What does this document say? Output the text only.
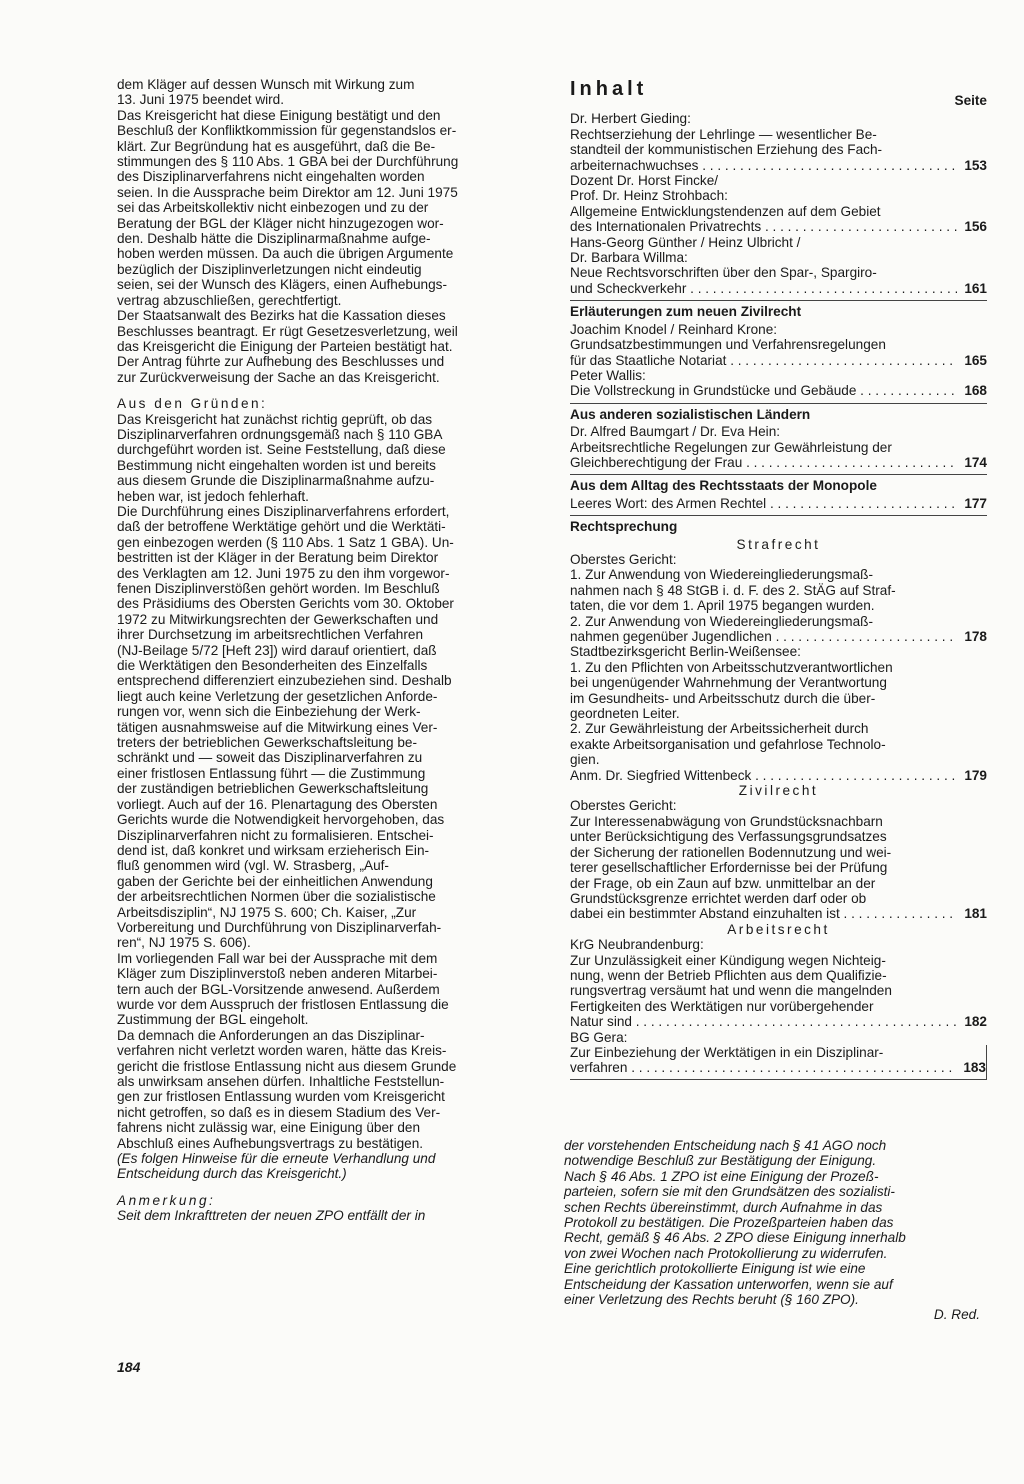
dem Kläger auf dessen Wunsch mit Wirkung zum
13. Juni 1975 beendet wird.
Das Kreisgericht hat diese Einigung bestätigt und den
Beschluß der Konfliktkommission für gegenstandslos er-
klärt. Zur Begründung hat es ausgeführt, daß die Be-
stimmungen des § 110 Abs. 1 GBA bei der Durchführung
des Disziplinarverfahrens nicht eingehalten worden
seien. In die Aussprache beim Direktor am 12. Juni 1975
sei das Arbeitskollektiv nicht einbezogen und zu der
Beratung der BGL der Kläger nicht hinzugezogen wor-
den. Deshalb hätte die Disziplinarmaßnahme aufge-
hoben werden müssen. Da auch die übrigen Argumente
bezüglich der Disziplinverletzungen nicht eindeutig
seien, sei der Wunsch des Klägers, einen Aufhebungs-
vertrag abzuschließen, gerechtfertigt.
Der Staatsanwalt des Bezirks hat die Kassation dieses
Beschlusses beantragt. Er rügt Gesetzesverletzung, weil
das Kreisgericht die Einigung der Parteien bestätigt hat.
Der Antrag führte zur Aufhebung des Beschlusses und
zur Zurückverweisung der Sache an das Kreisgericht.
Aus den Gründen:
Das Kreisgericht hat zunächst richtig geprüft, ob das
Disziplinarverfahren ordnungsgemäß nach § 110 GBA
durchgeführt worden ist. Seine Feststellung, daß diese
Bestimmung nicht eingehalten worden ist und bereits
aus diesem Grunde die Disziplinarmaßnahme aufzu-
heben war, ist jedoch fehlerhaft.
Die Durchführung eines Disziplinarverfahrens erfordert,
daß der betroffene Werktätige gehört und die Werktäti-
gen einbezogen werden (§ 110 Abs. 1 Satz 1 GBA). Un-
bestritten ist der Kläger in der Beratung beim Direktor
des Verklagten am 12. Juni 1975 zu den ihm vorgewor-
fenen Disziplinverstößen gehört worden. Im Beschluß
des Präsidiums des Obersten Gerichts vom 30. Oktober
1972 zu Mitwirkungsrechten der Gewerkschaften und
ihrer Durchsetzung im arbeitsrechtlichen Verfahren
(NJ-Beilage 5/72 [Heft 23]) wird darauf orientiert, daß
die Werktätigen den Besonderheiten des Einzelfalls
entsprechend differenziert einzubeziehen sind. Deshalb
liegt auch keine Verletzung der gesetzlichen Anforde-
rungen vor, wenn sich die Einbeziehung der Werk-
tätigen ausnahmsweise auf die Mitwirkung eines Ver-
treters der betrieblichen Gewerkschaftsleitung be-
schränkt und — soweit das Disziplinarverfahren zu
einer fristlosen Entlassung führt — die Zustimmung
der zuständigen betrieblichen Gewerkschaftsleitung
vorliegt. Auch auf der 16. Plenartagung des Obersten
Gerichts wurde die Notwendigkeit hervorgehoben, das
Disziplinarverfahren nicht zu formalisieren. Entschei-
dend ist, daß konkret und wirksam erzieherisch Ein-
fluß genommen wird (vgl. W. Strasberg, „Auf-
gaben der Gerichte bei der einheitlichen Anwendung
der arbeitsrechtlichen Normen über die sozialistische
Arbeitsdisziplin“, NJ 1975 S. 600; Ch. Kaiser, „Zur
Vorbereitung und Durchführung von Disziplinarverfah-
ren“, NJ 1975 S. 606).
Im vorliegenden Fall war bei der Aussprache mit dem
Kläger zum Disziplinverstoß neben anderen Mitarbei-
tern auch der BGL-Vorsitzende anwesend. Außerdem
wurde vor dem Ausspruch der fristlosen Entlassung die
Zustimmung der BGL eingeholt.
Da demnach die Anforderungen an das Disziplinar-
verfahren nicht verletzt worden waren, hätte das Kreis-
gericht die fristlose Entlassung nicht aus diesem Grunde
als unwirksam ansehen dürfen. Inhaltliche Feststellun-
gen zur fristlosen Entlassung wurden vom Kreisgericht
nicht getroffen, so daß es in diesem Stadium des Ver-
fahrens nicht zulässig war, eine Einigung über den
Abschluß eines Aufhebungsvertrags zu bestätigen.
(Es folgen Hinweise für die erneute Verhandlung und
Entscheidung durch das Kreisgericht.)
Anmerkung:
Seit dem Inkrafttreten der neuen ZPO entfällt der in
184
Inhalt
Seite
Dr. Herbert Gieding:
Rechtserziehung der Lehrlinge — wesentlicher Be-
standteil der kommunistischen Erziehung des Fach-
arbeiternachwuchses . . .	153
Dozent Dr. Horst Fincke/
Prof. Dr. Heinz Strohbach:
Allgemeine Entwicklungstendenzen auf dem Gebiet
des Internationalen Privatrechts . . .	156
Hans-Georg Günther / Heinz Ulbricht /
Dr. Barbara Willma:
Neue Rechtsvorschriften über den Spar-, Spargiro-
und Scheckverkehr . . .	161
Erläuterungen zum neuen Zivilrecht
Joachim Knodel / Reinhard Krone:
Grundsatzbestimmungen und Verfahrensregelungen
für das Staatliche Notariat . . .	165
Peter Wallis:
Die Vollstreckung in Grundstücke und Gebäude . . .	168
Aus anderen sozialistischen Ländern
Dr. Alfred Baumgart / Dr. Eva Hein:
Arbeitsrechtliche Regelungen zur Gewährleistung der
Gleichberechtigung der Frau . . .	174
Aus dem Alltag des Rechtsstaats der Monopole
Leeres Wort: des Armen Rechtel . . .	177
Rechtsprechung
Strafrecht
Oberstes Gericht:
1. Zur Anwendung von Wiedereingliederungsmaß-
nahmen nach § 48 StGB i. d. F. des 2. StÄG auf Straf-
taten, die vor dem 1. April 1975 begangen wurden.
2. Zur Anwendung von Wiedereingliederungsmaß-
nahmen gegenüber Jugendlichen . . .	178
Stadtbezirksgericht Berlin-Weißensee:
1. Zu den Pflichten von Arbeitsschutzverantwortlichen
bei ungenügender Wahrnehmung der Verantwortung
im Gesundheits- und Arbeitsschutz durch die über-
geordneten Leiter.
2. Zur Gewährleistung der Arbeitssicherheit durch
exakte Arbeitsorganisation und gefahrlose Technolo-
gien.
Anm. Dr. Siegfried Wittenbeck . . .	179
Zivilrecht
Oberstes Gericht:
Zur Interessenabwägung von Grundstücksnachbarn
unter Berücksichtigung des Verfassungsgrundsatzes
der Sicherung der rationellen Bodennutzung und wei-
terer gesellschaftlicher Erfordernisse bei der Prüfung
der Frage, ob ein Zaun auf bzw. unmittelbar an der
Grundstücksgrenze errichtet werden darf oder ob
dabei ein bestimmter Abstand einzuhalten ist . . .	181
Arbeitsrecht
KrG Neubrandenburg:
Zur Unzulässigkeit einer Kündigung wegen Nichteig-
nung, wenn der Betrieb Pflichten aus dem Qualifizie-
rungsvertrag versäumt hat und wenn die mangelnden
Fertigkeiten des Werktätigen nur vorübergehender
Natur sind . . .	182
BG Gera:
Zur Einbeziehung der Werktätigen in ein Disziplinar-
verfahren . . .	183
der vorstehenden Entscheidung nach § 41 AGO noch
notwendige Beschluß zur Bestätigung der Einigung.
Nach § 46 Abs. 1 ZPO ist eine Einigung der Prozeß-
parteien, sofern sie mit den Grundsätzen des sozialisti-
schen Rechts übereinstimmt, durch Aufnahme in das
Protokoll zu bestätigen. Die Prozeßparteien haben das
Recht, gemäß § 46 Abs. 2 ZPO diese Einigung innerhalb
von zwei Wochen nach Protokollierung zu widerrufen.
Eine gerichtlich protokollierte Einigung ist wie eine
Entscheidung der Kassation unterworfen, wenn sie auf
einer Verletzung des Rechts beruht (§ 160 ZPO).
D. Red.
